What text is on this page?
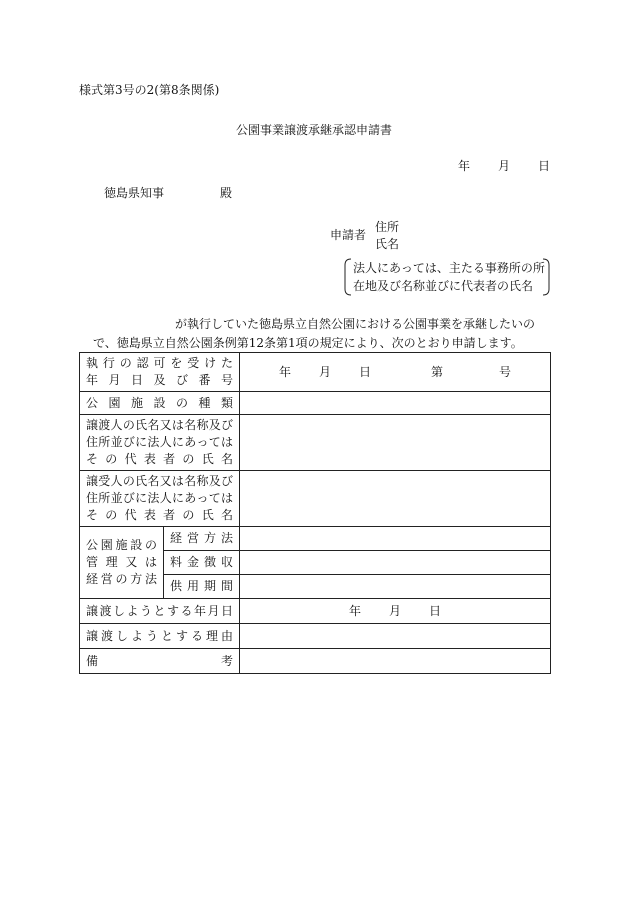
様式第3号の2(第8条関係)
公園事業譲渡承継承認申請書
年 月 日
徳島県知事	殿
申請者
住所
氏名
法人にあっては、主たる事務所の所
在地及び名称並びに代表者の氏名
が執行していた徳島県立自然公園における公園事業を承継したいの
で、徳島県立自然公園条例第12条第1項の規定により、次のとおり申請します。
執行の認可を受けた
年月日及び番号		年 月 日 第 号
公園施設の種類		

譲渡人の氏名又は名称及び
住所並びに法人にあっては
その代表者の氏名		

譲受人の氏名又は名称及び
住所並びに法人にあっては
その代表者の氏名		

公園施設の
管理又は
経営の方法	経営方法	
	料金徴収	
	供用期間	
譲渡しようとする年月日		年 月 日
譲渡しようとする理由		

備 考		
